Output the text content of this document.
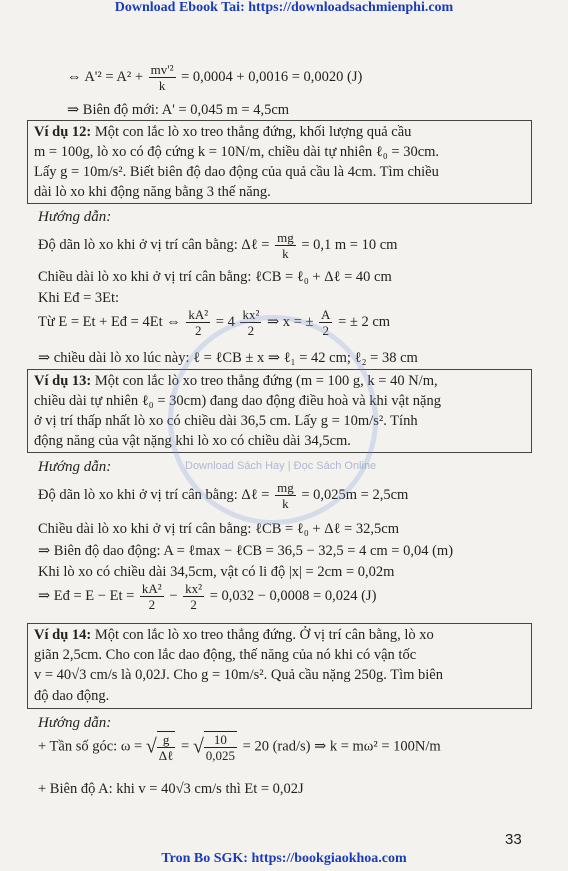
Download Ebook Tai: https://downloadsachmienphi.com
⇔ $A'^2 = A^2 + \frac{\text{mv'²}}{k} = 0,0004 + 0,0016 = 0,0020$ (J)
⇒ Biên độ mới: A' = 0,045 m = 4,5cm
Ví dụ 12: Một con lắc lò xo treo thẳng đứng, khối lượng quả cầu
m = 100g, lò xo có độ cứng k = 10N/m, chiều dài tự nhiên ℓ₀ = 30cm.
Lấy g = 10m/s². Biết biên độ dao động của quả cầu là 4cm. Tìm chiều
dài lò xo khi động năng bằng 3 thế năng.
Hướng dẫn:
Độ dãn lò xo khi ở vị trí cân bằng: Δℓ = $\frac{mg}{k} = 0,1$ m = 10 cm
Chiều dài lò xo khi ở vị trí cân bằng: ℓCB = ℓ₀ + Δℓ = 40 cm
Khi Eđ = 3Et:
Từ E = Et + Eđ = 4Et ⇔ $\frac{\text{kA²}}{2} = 4 \frac{\text{kx²}}{2}$ ⇒ x = ± $\frac{A}{2}$ = ± 2 cm
⇒ chiều dài lò xo lúc này: ℓ = ℓCB ± x ⇒ ℓ₁ = 42 cm; ℓ₂ = 38 cm
Ví dụ 13: Một con lắc lò xo treo thẳng đứng (m = 100 g, k = 40 N/m,
chiều dài tự nhiên ℓ₀ = 30cm) đang dao động điều hoà và khi vật nặng
ở vị trí thấp nhất lò xo có chiều dài 36,5 cm. Lấy g = 10m/s². Tính
động năng của vật nặng khi lò xo có chiều dài 34,5cm.
Hướng dẫn:
Độ dãn lò xo khi ở vị trí cân bằng: Δℓ = $\frac{mg}{k} = 0,025m = 2,5cm$
Chiều dài lò xo khi ở vị trí cân bằng: ℓCB = ℓ₀ + Δℓ = 32,5cm
⇒ Biên độ dao động: A = ℓmax − ℓCB = 36,5 − 32,5 = 4 cm = 0,04 (m)
Khi lò xo có chiều dài 34,5cm, vật có li độ |x| = 2cm = 0,02m
⇒ Eđ = $E - Et = \frac{\text{kA²}}{2} - \frac{\text{kx²}}{2} = 0,032 - 0,0008 = 0,024$ (J)
Ví dụ 14: Một con lắc lò xo treo thẳng đứng. Ở vị trí cân bằng, lò xo
giãn 2,5cm. Cho con lắc dao động, thế năng của nó khi có vận tốc
v = 40√3 cm/s là 0,02J. Cho g = 10m/s². Quả cầu nặng 250g. Tìm biên
độ dao động.
Hướng dẫn:
+ Tần số góc: ω = √ $\frac{g}{\text{Δℓ}}$ = √ $\frac{10}{0,025} = 20$ (rad/s) ⇒ k = mω² = 100N/m
+ Biên độ A: khi v = 40√3 cm/s thì Et = 0,02J
Download Sách Hay | Đọc Sách Online
33
Tron Bo SGK: https://bookgiaokhoa.com
